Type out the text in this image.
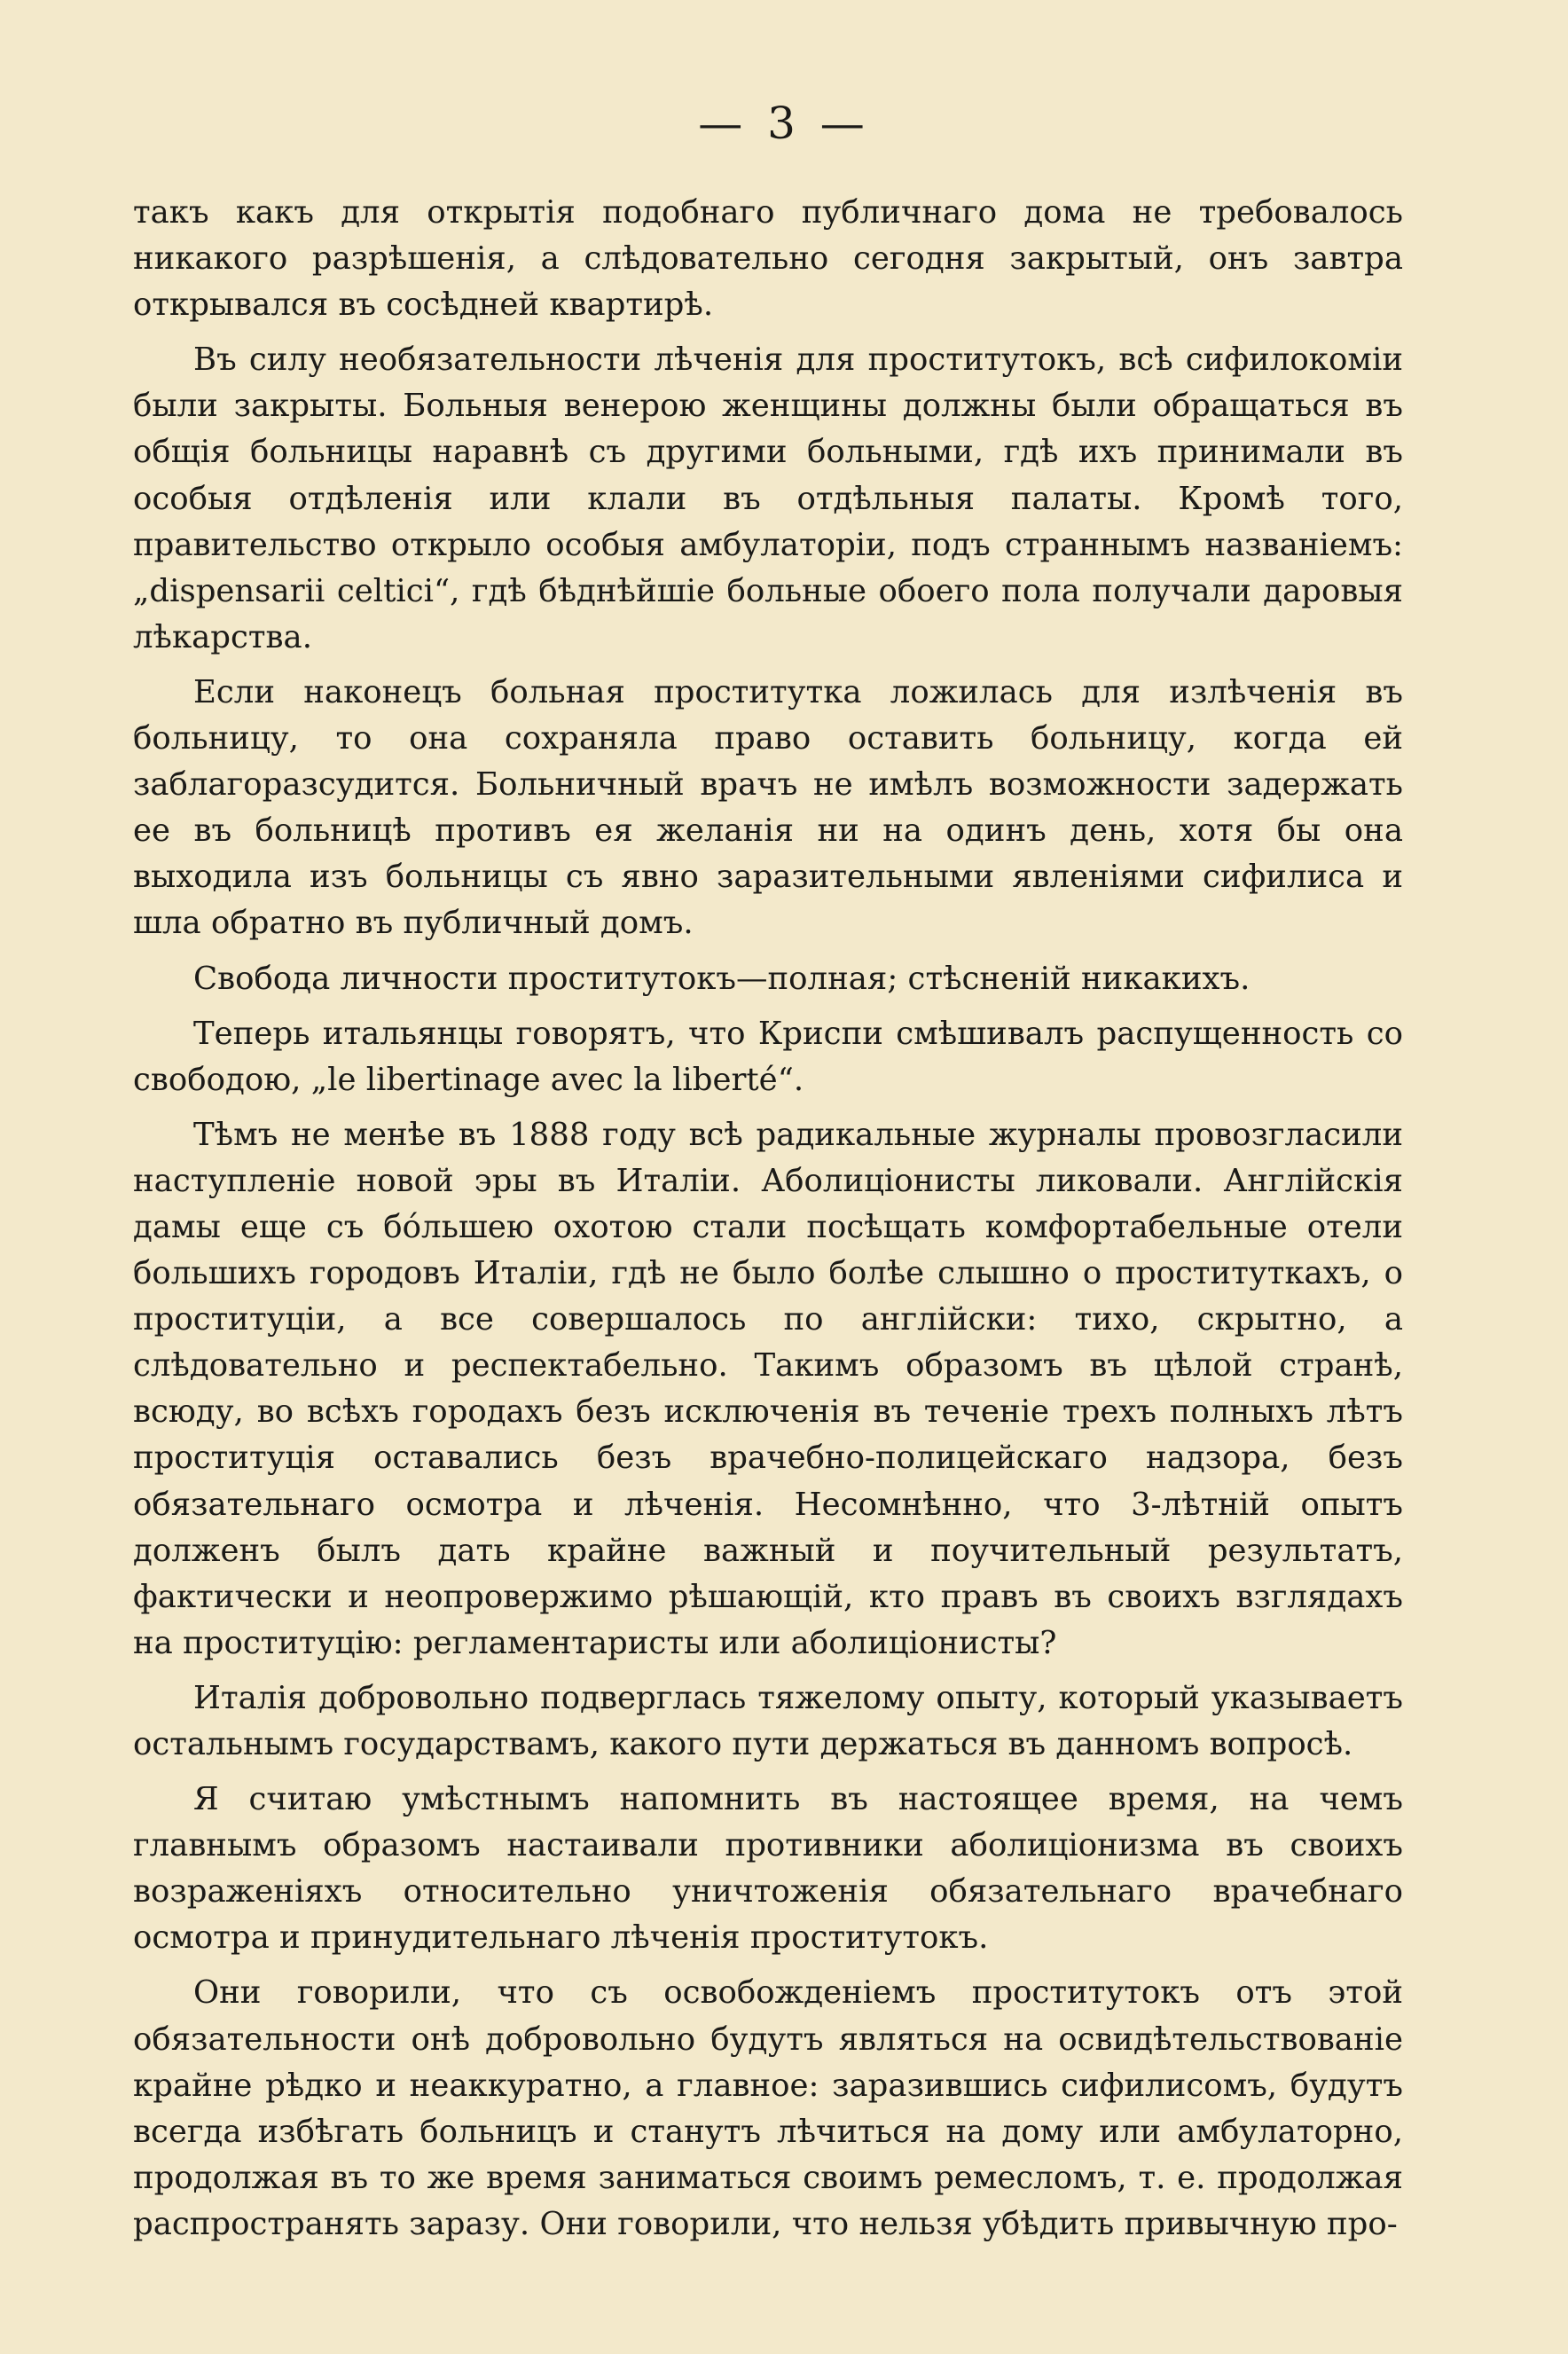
— 3 —

такъ какъ для открытія подобнаго публичнаго дома не требовалось никакого разрѣшенія, а слѣдовательно сегодня закрытый, онъ завтра открывался въ сосѣдней квартирѣ.

Въ силу необязательности лѣченія для проститутокъ, всѣ сифилокоміи были закрыты. Больныя венерою женщины должны были обращаться въ общія больницы наравнѣ съ другими больными, гдѣ ихъ принимали въ особыя отдѣленія или клали въ отдѣльныя палаты. Кромѣ того, правительство открыло особыя амбулаторіи, подъ страннымъ названіемъ: „dispensarii celtici“, гдѣ бѣднѣйшіе больные обоего пола получали даровыя лѣкарства.

Если наконецъ больная проститутка ложилась для излѣченія въ больницу, то она сохраняла право оставить больницу, когда ей заблагоразсудится. Больничный врачъ не имѣлъ возможности задержать ее въ больницѣ противъ ея желанія ни на одинъ день, хотя бы она выходила изъ больницы съ явно заразительными явленіями сифилиса и шла обратно въ публичный домъ.

Свобода личности проститутокъ—полная; стѣсненій никакихъ.

Теперь итальянцы говорятъ, что Криспи смѣшивалъ распущенность со свободою, „le libertinage avec la liberté“.

Тѣмъ не менѣе въ 1888 году всѣ радикальные журналы провозгласили наступленіе новой эры въ Италіи. Аболиціонисты ликовали. Англійскія дамы еще съ бóльшею охотою стали посѣщать комфортабельные отели большихъ городовъ Италіи, гдѣ не было болѣе слышно о проституткахъ, о проституціи, а все совершалось по англійски: тихо, скрытно, а слѣдовательно и респектабельно. Такимъ образомъ въ цѣлой странѣ, всюду, во всѣхъ городахъ безъ исключенія въ теченіе трехъ полныхъ лѣтъ проституція оставались безъ врачебно-полицейскаго надзора, безъ обязательнаго осмотра и лѣченія. Несомнѣнно, что 3-лѣтній опытъ долженъ былъ дать крайне важный и поучительный результатъ, фактически и неопровержимо рѣшающій, кто правъ въ своихъ взглядахъ на проституцію: регламентаристы или аболиціонисты?

Италія добровольно подверглась тяжелому опыту, который указываетъ остальнымъ государствамъ, какого пути держаться въ данномъ вопросѣ.

Я считаю умѣстнымъ напомнить въ настоящее время, на чемъ главнымъ образомъ настаивали противники аболиціонизма въ своихъ возраженіяхъ относительно уничтоженія обязательнаго врачебнаго осмотра и принудительнаго лѣченія проститутокъ.

Они говорили, что съ освобожденіемъ проститутокъ отъ этой обязательности онѣ добровольно будутъ являться на освидѣтельствованіе крайне рѣдко и неаккуратно, а главное: заразившись сифилисомъ, будутъ всегда избѣгать больницъ и станутъ лѣчиться на дому или амбулаторно, продолжая въ то же время заниматься своимъ ремесломъ, т. е. продолжая распространять заразу. Они говорили, что нельзя убѣдить привычную про-
